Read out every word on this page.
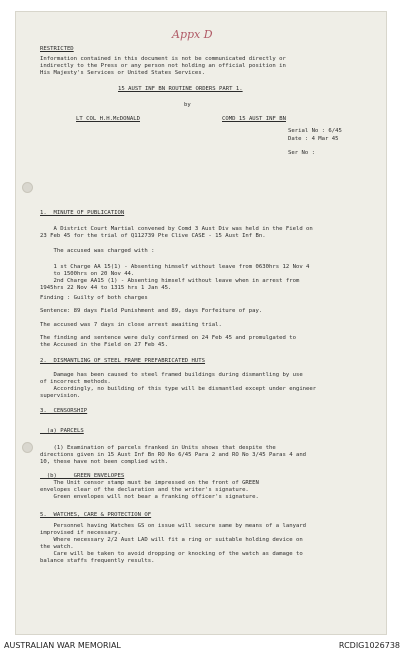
Appx D
RESTRICTED
Information contained in this document is not be communicated directly or
indirectly to the Press or any person not holding an official position in
His Majesty's Services or United States Services.
15 AUST INF BN ROUTINE ORDERS PART 1.
by
LT COL H.H.McDONALD	COMD 15 AUST INF BN
Serial No : 6/45
Date : 4 Mar 45
Ser No :
1.  MINUTE OF PUBLICATION
A District Court Martial convened by Comd 3 Aust Div was held in the Field on
23 Feb 45 for the trial of Q112739 Pte Clive CASE - 15 Aust Inf Bn.
The accused was charged with :
1 st Charge AA 15(1) - Absenting himself without leave from 0630hrs 12 Nov 4
to 1500hrs on 20 Nov 44.
2nd Charge AA15 (1) - Absenting himself without leave when in arrest from
1945hrs 22 Nov 44 to 1315 hrs 1 Jan 45.
Finding : Guilty of both charges
Sentence: 89 days Field Punishment and 89, days Forfeiture of pay.
The accused was 7 days in close arrest awaiting trial.
The finding and sentence were duly confirmed on 24 Feb 45 and promulgated to
the Accused in the Field on 27 Feb 45.
2.  DISMANTLING OF STEEL FRAME PREFABRICATED HUTS
Damage has been caused to steel framed buildings during dismantling by use
of incorrect methods.
Accordingly, no building of this type will be dismantled except under engineer
supervision.
3.  CENSORSHIP
(a) PARCELS
(1) Examination of parcels franked in Units shows that despite the
directions given in 15 Aust Inf Bn RO No 6/45 Para 2 and RO No 3/45 Paras 4 and
10, these have not been complied with.
(b)     GREEN ENVELOPES
The Unit censor stamp must be impressed on the front of GREEN
envelopes clear of the declaration and the writer's signature.
Green envelopes will not bear a franking officer's signature.
5.  WATCHES, CARE & PROTECTION OF
Personnel having Watches GS on issue will secure same by means of a lanyard
improvised if necessary.
Where necessary 2/2 Aust LAD will fit a ring or suitable holding device on
the watch.
Care will be taken to avoid dropping or knocking of the watch as damage to
balance staffs frequently results.
AUSTRALIAN WAR MEMORIAL	RCDIG1026738
